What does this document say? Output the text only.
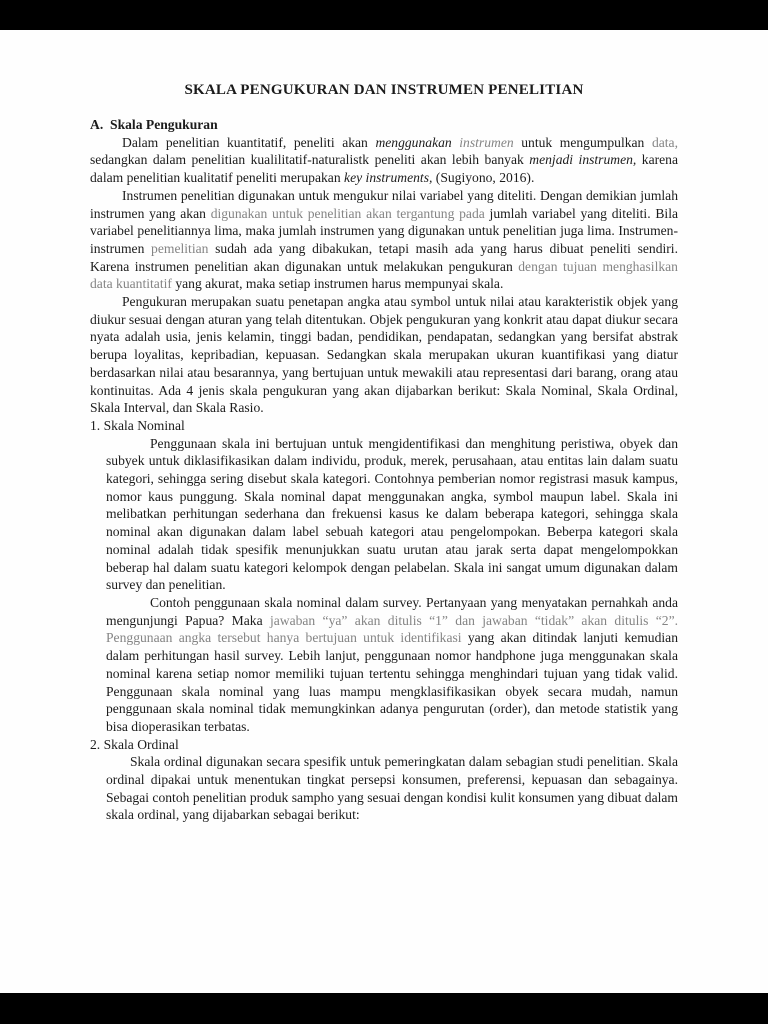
SKALA PENGUKURAN DAN INSTRUMEN PENELITIAN

A.  Skala Pengukuran

Dalam penelitian kuantitatif, peneliti akan menggunakan instrumen untuk mengumpulkan data, sedangkan dalam penelitian kualilitatif-naturalistk peneliti akan lebih banyak menjadi instrumen, karena dalam penelitian kualitatif peneliti merupakan key instruments, (Sugiyono, 2016).

Instrumen penelitian digunakan untuk mengukur nilai variabel yang diteliti. Dengan demikian jumlah instrumen yang akan digunakan untuk penelitian akan tergantung pada jumlah variabel yang diteliti. Bila variabel penelitiannya lima, maka jumlah instrumen yang digunakan untuk penelitian juga lima. Instrumen-instrumen pemelitian sudah ada yang dibakukan, tetapi masih ada yang harus dibuat peneliti sendiri. Karena instrumen penelitian akan digunakan untuk melakukan pengukuran dengan tujuan menghasilkan data kuantitatif yang akurat, maka setiap instrumen harus mempunyai skala.

Pengukuran merupakan suatu penetapan angka atau symbol untuk nilai atau karakteristik objek yang diukur sesuai dengan aturan yang telah ditentukan. Objek pengukuran yang konkrit atau dapat diukur secara nyata adalah usia, jenis kelamin, tinggi badan, pendidikan, pendapatan, sedangkan yang bersifat abstrak berupa loyalitas, kepribadian, kepuasan. Sedangkan skala merupakan ukuran kuantifikasi yang diatur berdasarkan nilai atau besarannya, yang bertujuan untuk mewakili atau representasi dari barang, orang atau kontinuitas. Ada 4 jenis skala pengukuran yang akan dijabarkan berikut: Skala Nominal, Skala Ordinal, Skala Interval, dan Skala Rasio.

1. Skala Nominal

Penggunaan skala ini bertujuan untuk mengidentifikasi dan menghitung peristiwa, obyek dan subyek untuk diklasifikasikan dalam individu, produk, merek, perusahaan, atau entitas lain dalam suatu kategori, sehingga sering disebut skala kategori. Contohnya pemberian nomor registrasi masuk kampus, nomor kaus punggung. Skala nominal dapat menggunakan angka, symbol maupun label. Skala ini melibatkan perhitungan sederhana dan frekuensi kasus ke dalam beberapa kategori, sehingga skala nominal akan digunakan dalam label sebuah kategori atau pengelompokan. Beberpa kategori skala nominal adalah tidak spesifik menunjukkan suatu urutan atau jarak serta dapat mengelompokkan beberap hal dalam suatu kategori kelompok dengan pelabelan. Skala ini sangat umum digunakan dalam survey dan penelitian.

Contoh penggunaan skala nominal dalam survey. Pertanyaan yang menyatakan pernahkah anda mengunjungi Papua? Maka jawaban “ya” akan ditulis “1” dan jawaban “tidak” akan ditulis “2”. Penggunaan angka tersebut hanya bertujuan untuk identifikasi yang akan ditindak lanjuti kemudian dalam perhitungan hasil survey. Lebih lanjut, penggunaan nomor handphone juga menggunakan skala nominal karena setiap nomor memiliki tujuan tertentu sehingga menghindari tujuan yang tidak valid. Penggunaan skala nominal yang luas mampu mengklasifikasikan obyek secara mudah, namun penggunaan skala nominal tidak memungkinkan adanya pengurutan (order), dan metode statistik yang bisa dioperasikan terbatas.

2. Skala Ordinal

Skala ordinal digunakan secara spesifik untuk pemeringkatan dalam sebagian studi penelitian. Skala ordinal dipakai untuk menentukan tingkat persepsi konsumen, preferensi, kepuasan dan sebagainya. Sebagai contoh penelitian produk sampho yang sesuai dengan kondisi kulit konsumen yang dibuat dalam skala ordinal, yang dijabarkan sebagai berikut:
